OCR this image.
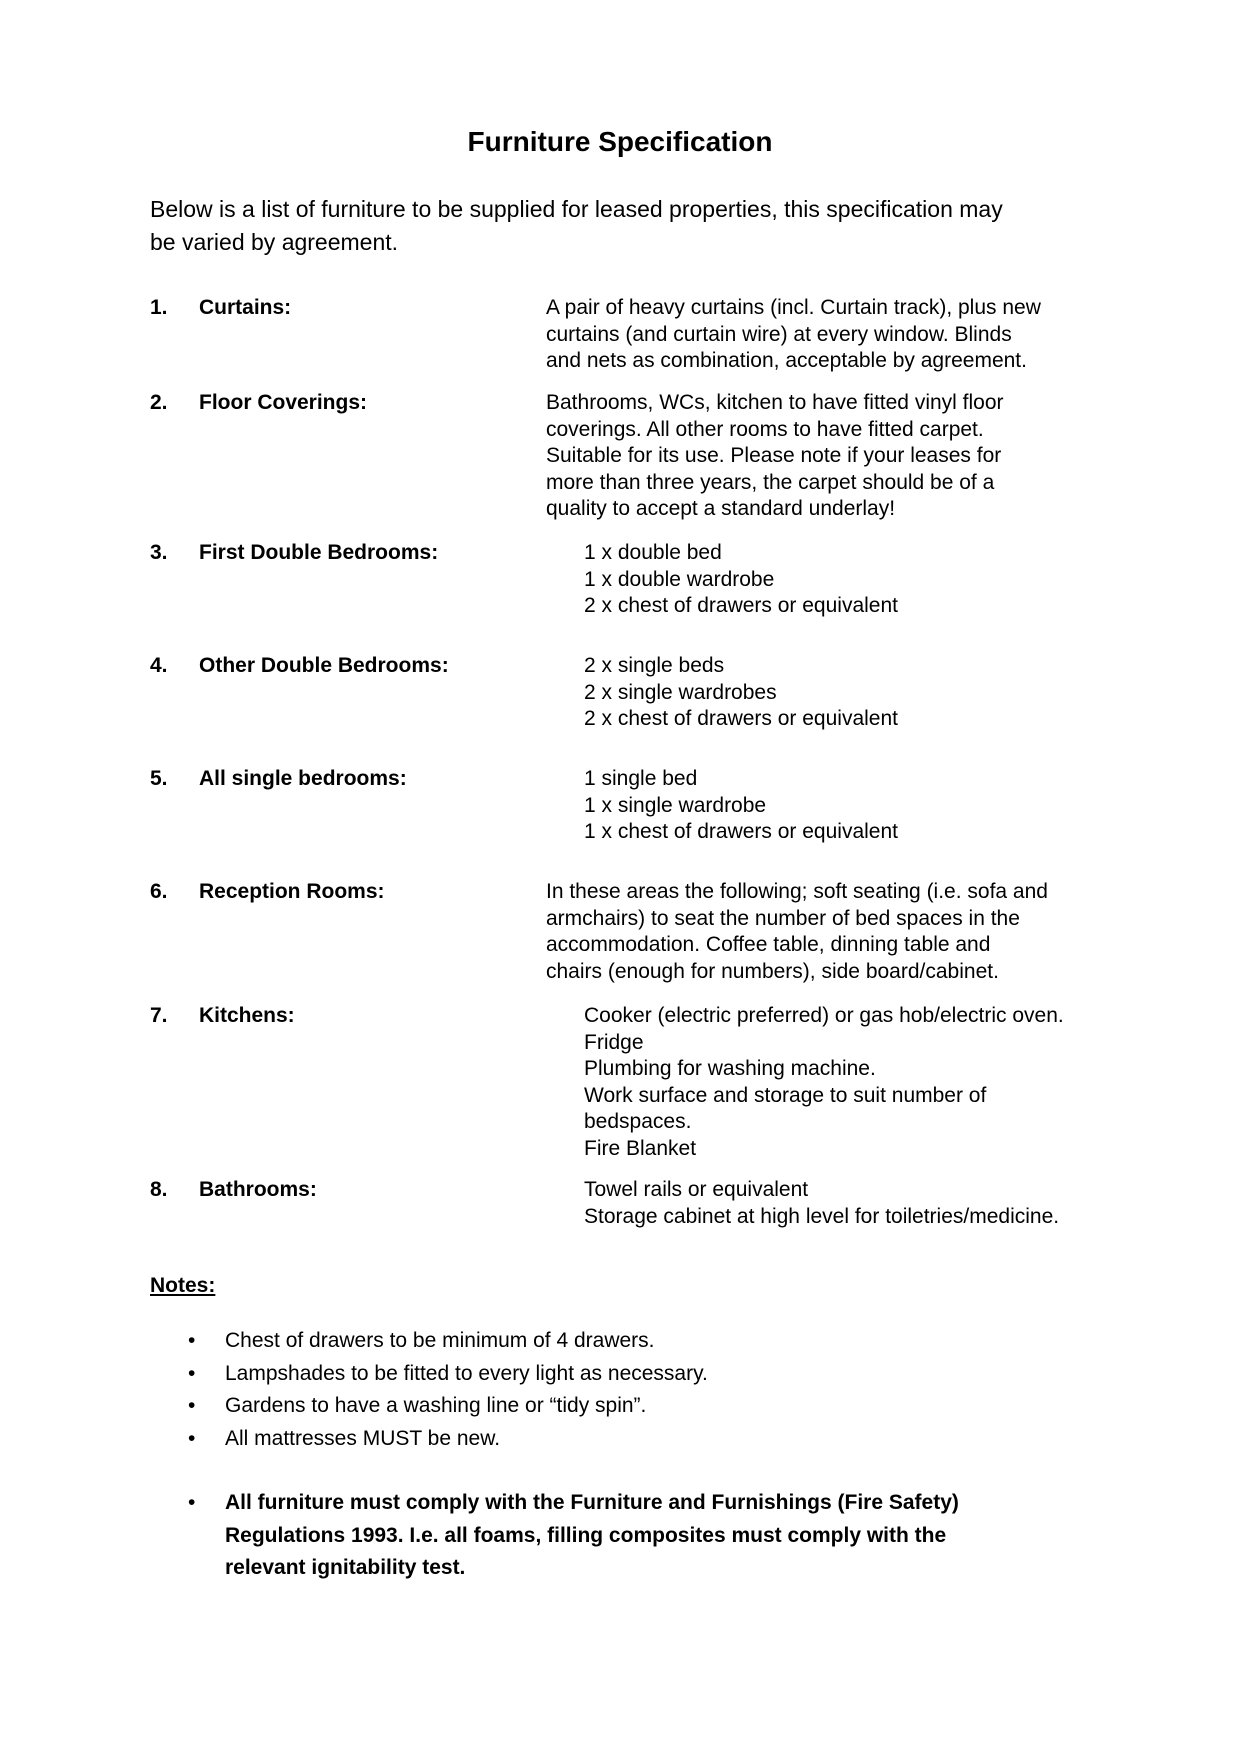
Furniture Specification
Below is a list of furniture to be supplied for leased properties, this specification may
be varied by agreement.
1. Curtains:	A pair of heavy curtains (incl. Curtain track), plus new
curtains (and curtain wire) at every window. Blinds
and nets as combination, acceptable by agreement.
2. Floor Coverings:	Bathrooms, WCs, kitchen to have fitted vinyl floor
coverings. All other rooms to have fitted carpet.
Suitable for its use. Please note if your leases for
more than three years, the carpet should be of a
quality to accept a standard underlay!
3. First Double Bedrooms:	1 x double bed
1 x double wardrobe
2 x chest of drawers or equivalent
4. Other Double Bedrooms:	2 x single beds
2 x single wardrobes
2 x chest of drawers or equivalent
5. All single bedrooms:	1 single bed
1 x single wardrobe
1 x chest of drawers or equivalent
6. Reception Rooms:	In these areas the following; soft seating (i.e. sofa and
armchairs) to seat the number of bed spaces in the
accommodation. Coffee table, dinning table and
chairs (enough for numbers), side board/cabinet.
7. Kitchens:	Cooker (electric preferred) or gas hob/electric oven.
Fridge
Plumbing for washing machine.
Work surface and storage to suit number of
bedspaces.
Fire Blanket
8. Bathrooms:	Towel rails or equivalent
Storage cabinet at high level for toiletries/medicine.
Notes:
• Chest of drawers to be minimum of 4 drawers.
• Lampshades to be fitted to every light as necessary.
• Gardens to have a washing line or “tidy spin”.
• All mattresses MUST be new.
• All furniture must comply with the Furniture and Furnishings (Fire Safety)
Regulations 1993. I.e. all foams, filling composites must comply with the
relevant ignitability test.
